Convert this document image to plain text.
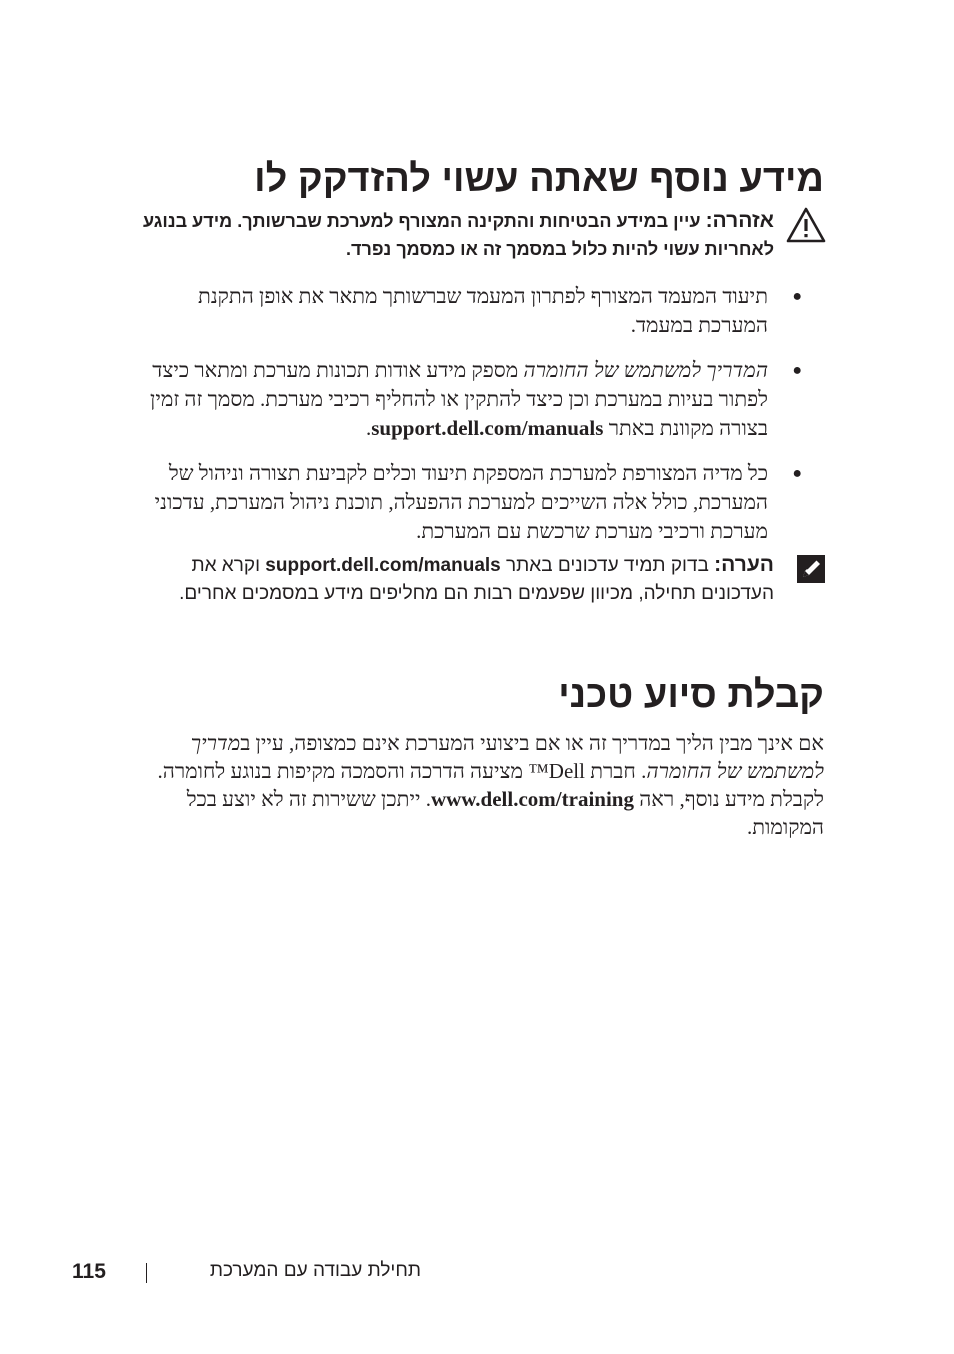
מידע נוסף שאתה עשוי להזדקק לו
אזהרה: עיין במידע הבטיחות והתקינה המצורף למערכת שברשותך. מידע בנוגע לאחריות עשוי להיות כלול במסמך זה או כמסמך נפרד.
●
תיעוד המעמד המצורף לפתרון המעמד שברשותך מתאר את אופן התקנת המערכת במעמד.
●
המדריך למשתמש של החומרה מספק מידע אודות תכונות מערכת ומתאר כיצד לפתור בעיות במערכת וכן כיצד להתקין או להחליף רכיבי מערכת. מסמך זה זמין בצורה מקוונת באתר support.dell.com/manuals.
●
כל מדיה המצורפת למערכת המספקת תיעוד וכלים לקביעת תצורה וניהול של המערכת, כולל אלה השייכים למערכת ההפעלה, תוכנת ניהול המערכת, עדכוני מערכת ורכיבי מערכת שרכשת עם המערכת.
הערה: בדוק תמיד עדכונים באתר support.dell.com/manuals וקרא את העדכונים תחילה, מכיוון שפעמים רבות הם מחליפים מידע במסמכים אחרים.
קבלת סיוע טכני

אם אינך מבין הליך במדריך זה או אם ביצועי המערכת אינם כמצופה, עיין במדריך למשתמש של החומרה. חברת Dell™ מציעה הדרכה והסמכה מקיפות בנוגע לחומרה. לקבלת מידע נוסף, ראה www.dell.com/training. ייתכן ששירות זה לא יוצע בכל המקומות.

115	תחילת עבודה עם המערכת
